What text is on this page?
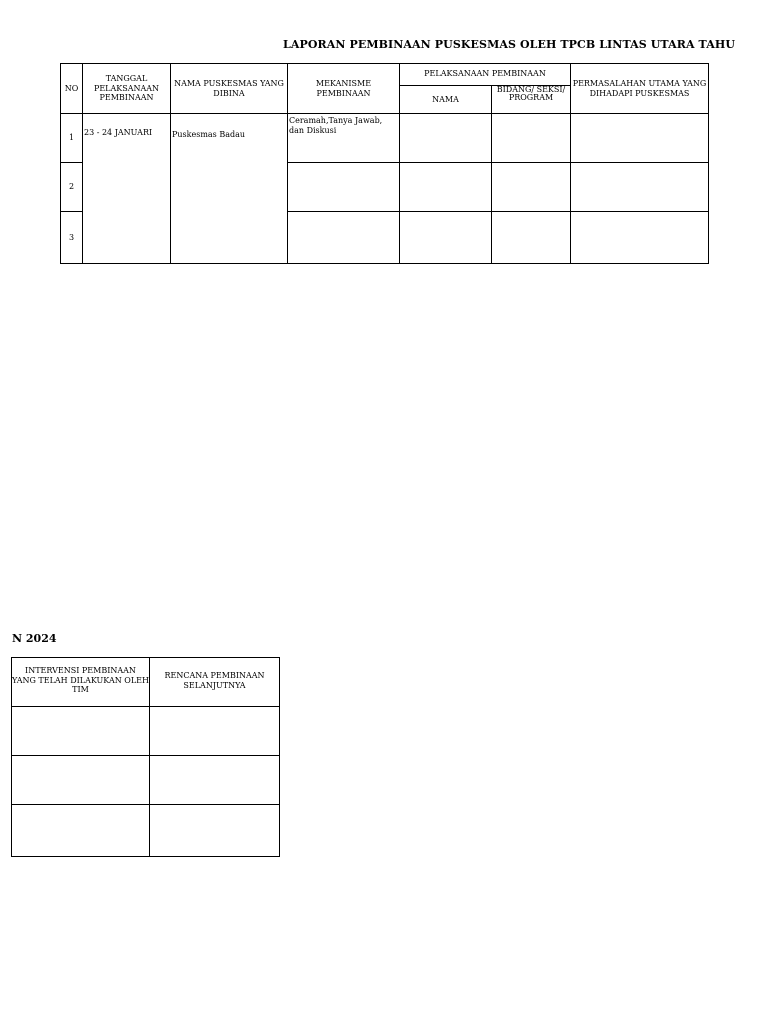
LAPORAN PEMBINAAN PUSKESMAS OLEH TPCB LINTAS UTARA TAHU
NO	TANGGAL PELAKSANAAN PEMBINAAN	NAMA PUSKESMAS YANG DIBINA	MEKANISME PEMBINAAN	PELAKSANAAN PEMBINAAN		PERMASALAHAN UTAMA YANG DIHADAPI PUSKESMAS
				NAMA	BIDANG/ SEKSI/ PROGRAM	
1	23 - 24 JANUARI	Puskesmas Badau	Ceramah,Tanya Jawab, dan Diskusi			
2						
3						
N 2024
INTERVENSI PEMBINAAN YANG TELAH DILAKUKAN OLEH TIM	RENCANA PEMBINAAN SELANJUTNYA
